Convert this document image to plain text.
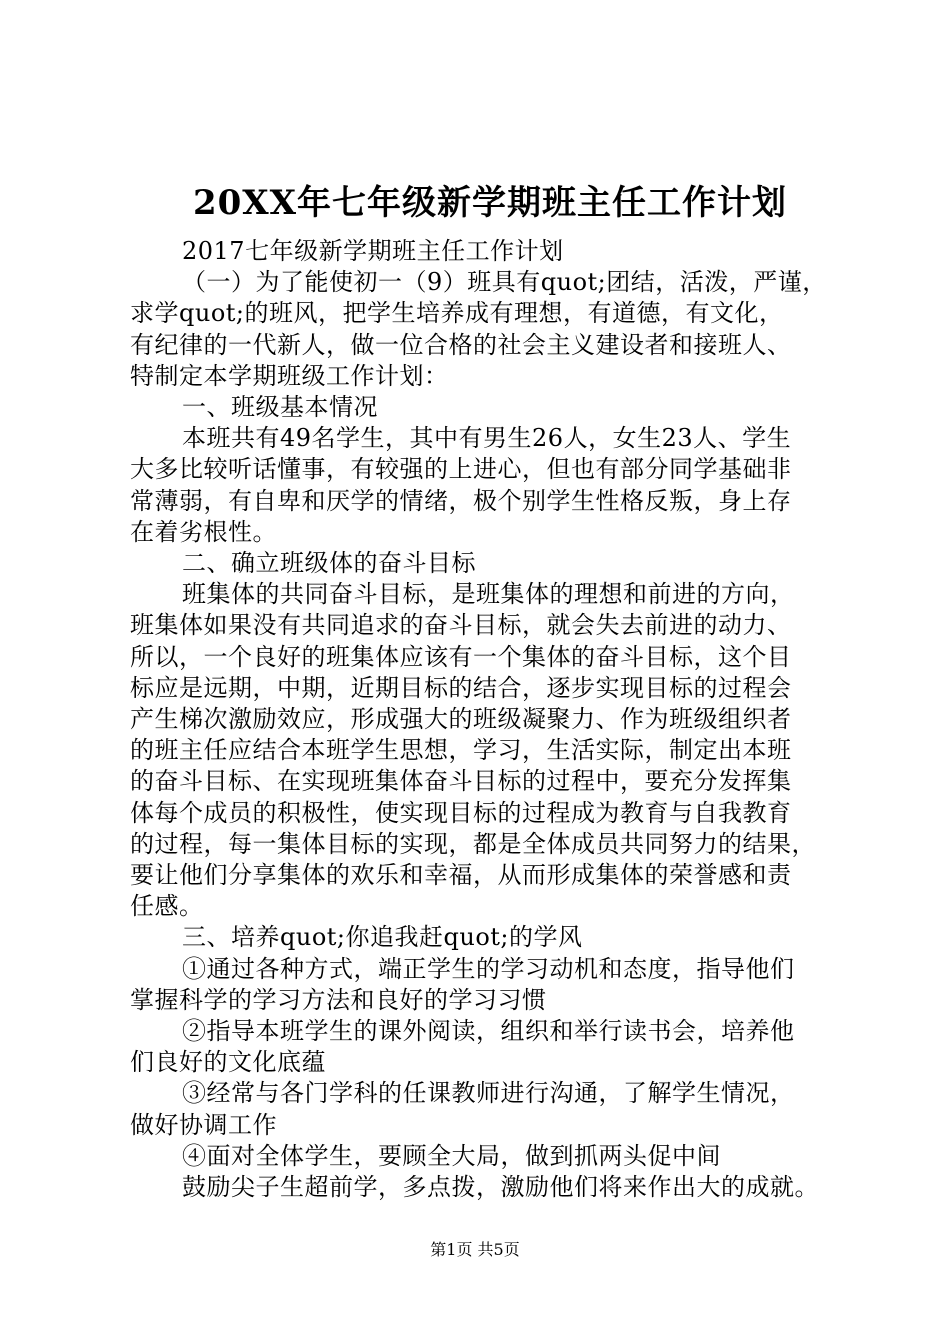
20XX年七年级新学期班主任工作计划
2017七年级新学期班主任工作计划
（一）为了能使初一（9）班具有quot;团结，活泼，严谨，
求学quot;的班风，把学生培养成有理想，有道德，有文化，
有纪律的一代新人，做一位合格的社会主义建设者和接班人、
特制定本学期班级工作计划：
一、班级基本情况
本班共有49名学生，其中有男生26人，女生23人、学生
大多比较听话懂事，有较强的上进心，但也有部分同学基础非
常薄弱，有自卑和厌学的情绪，极个别学生性格反叛，身上存
在着劣根性。
二、确立班级体的奋斗目标
班集体的共同奋斗目标，是班集体的理想和前进的方向，
班集体如果没有共同追求的奋斗目标，就会失去前进的动力、
所以，一个良好的班集体应该有一个集体的奋斗目标，这个目
标应是远期，中期，近期目标的结合，逐步实现目标的过程会
产生梯次激励效应，形成强大的班级凝聚力、作为班级组织者
的班主任应结合本班学生思想，学习，生活实际，制定出本班
的奋斗目标、在实现班集体奋斗目标的过程中，要充分发挥集
体每个成员的积极性，使实现目标的过程成为教育与自我教育
的过程，每一集体目标的实现，都是全体成员共同努力的结果，
要让他们分享集体的欢乐和幸福，从而形成集体的荣誉感和责
任感。
三、培养quot;你追我赶quot;的学风
①通过各种方式，端正学生的学习动机和态度，指导他们
掌握科学的学习方法和良好的学习习惯
②指导本班学生的课外阅读，组织和举行读书会，培养他
们良好的文化底蕴
③经常与各门学科的任课教师进行沟通，了解学生情况，
做好协调工作
④面对全体学生，要顾全大局，做到抓两头促中间
鼓励尖子生超前学，多点拨，激励他们将来作出大的成就。
第1页 共5页
